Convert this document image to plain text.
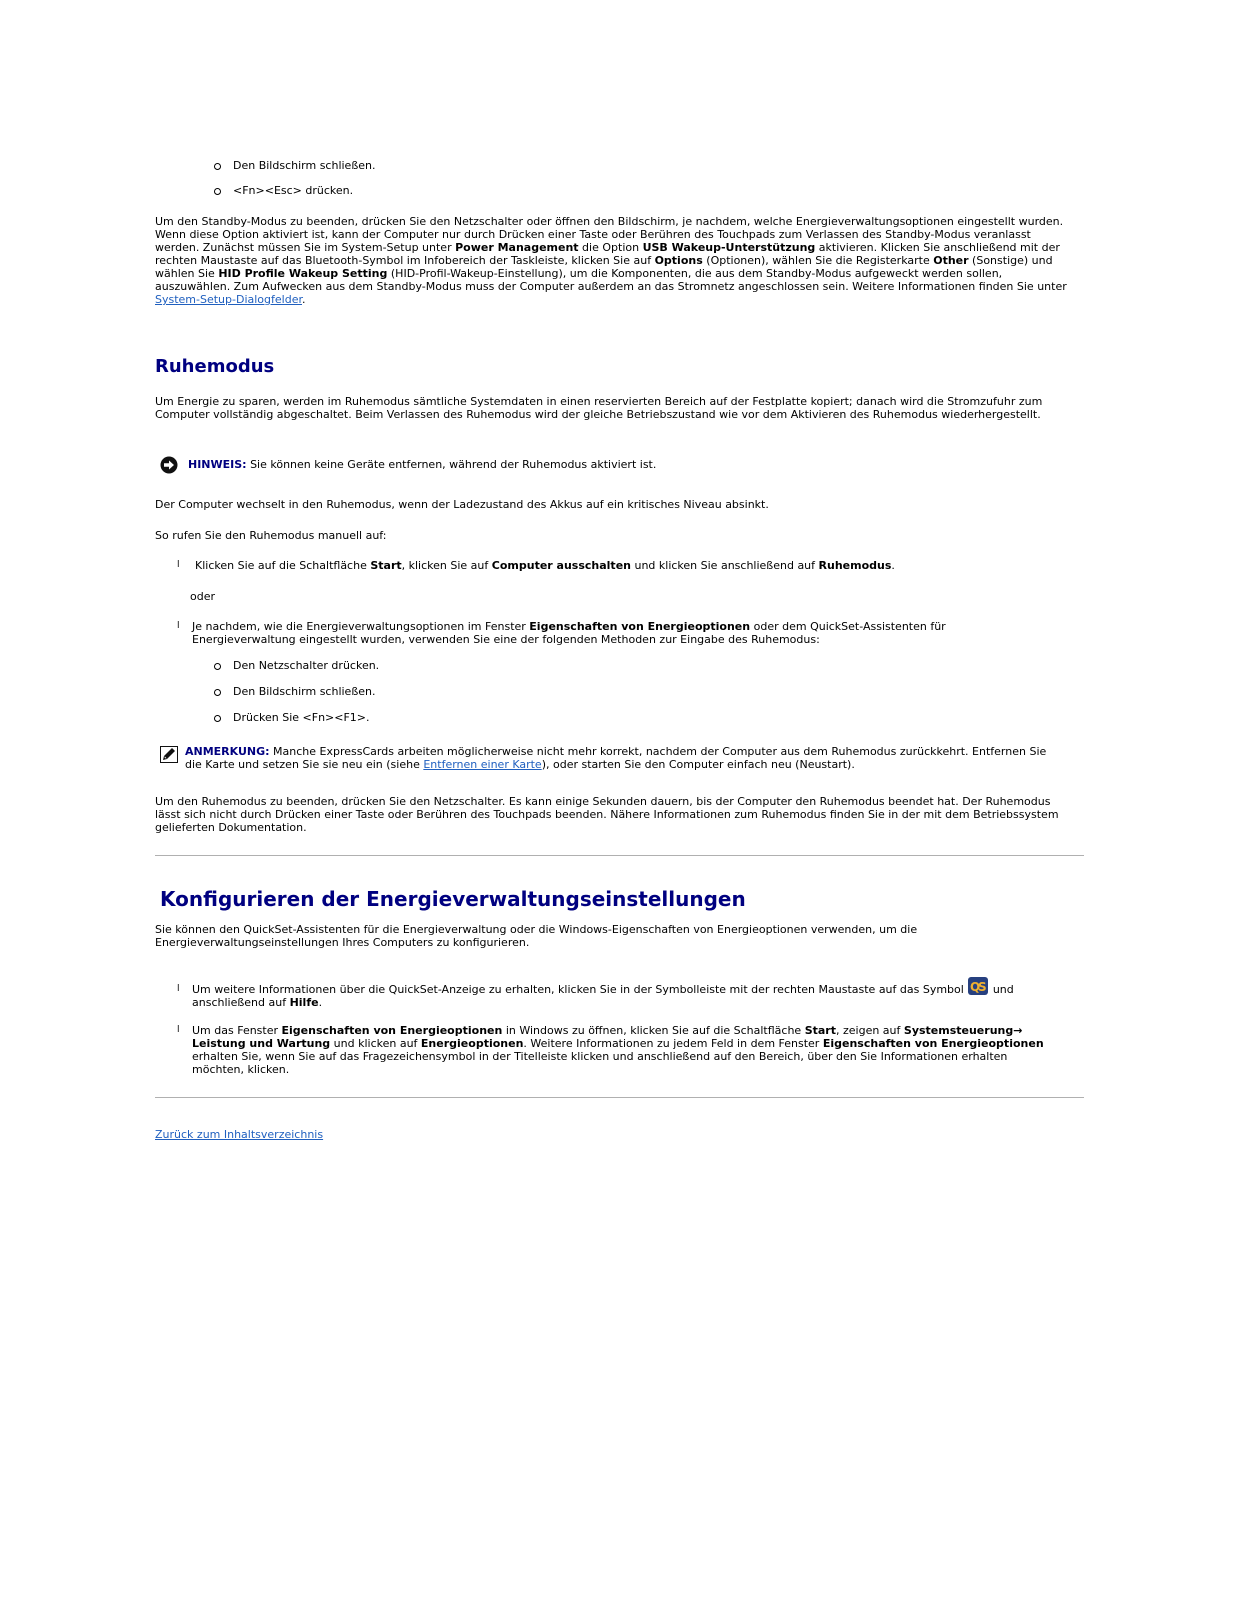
Den Bildschirm schließen.
<Fn><Esc> drücken.
Um den Standby-Modus zu beenden, drücken Sie den Netzschalter oder öffnen den Bildschirm, je nachdem, welche Energieverwaltungsoptionen eingestellt wurden. Wenn diese Option aktiviert ist, kann der Computer nur durch Drücken einer Taste oder Berühren des Touchpads zum Verlassen des Standby-Modus veranlasst werden. Zunächst müssen Sie im System-Setup unter Power Management die Option USB Wakeup-Unterstützung aktivieren. Klicken Sie anschließend mit der rechten Maustaste auf das Bluetooth-Symbol im Infobereich der Taskleiste, klicken Sie auf Options (Optionen), wählen Sie die Registerkarte Other (Sonstige) und wählen Sie HID Profile Wakeup Setting (HID-Profil-Wakeup-Einstellung), um die Komponenten, die aus dem Standby-Modus aufgeweckt werden sollen, auszuwählen. Zum Aufwecken aus dem Standby-Modus muss der Computer außerdem an das Stromnetz angeschlossen sein. Weitere Informationen finden Sie unter System-Setup-Dialogfelder.
Ruhemodus
Um Energie zu sparen, werden im Ruhemodus sämtliche Systemdaten in einen reservierten Bereich auf der Festplatte kopiert; danach wird die Stromzufuhr zum Computer vollständig abgeschaltet. Beim Verlassen des Ruhemodus wird der gleiche Betriebszustand wie vor dem Aktivieren des Ruhemodus wiederhergestellt.
HINWEIS: Sie können keine Geräte entfernen, während der Ruhemodus aktiviert ist.
Der Computer wechselt in den Ruhemodus, wenn der Ladezustand des Akkus auf ein kritisches Niveau absinkt.
So rufen Sie den Ruhemodus manuell auf:
l Klicken Sie auf die Schaltfläche Start, klicken Sie auf Computer ausschalten und klicken Sie anschließend auf Ruhemodus.
oder
l Je nachdem, wie die Energieverwaltungsoptionen im Fenster Eigenschaften von Energieoptionen oder dem QuickSet-Assistenten für Energieverwaltung eingestellt wurden, verwenden Sie eine der folgenden Methoden zur Eingabe des Ruhemodus:
Den Netzschalter drücken.
Den Bildschirm schließen.
Drücken Sie <Fn><F1>.
ANMERKUNG: Manche ExpressCards arbeiten möglicherweise nicht mehr korrekt, nachdem der Computer aus dem Ruhemodus zurückkehrt. Entfernen Sie die Karte und setzen Sie sie neu ein (siehe Entfernen einer Karte), oder starten Sie den Computer einfach neu (Neustart).
Um den Ruhemodus zu beenden, drücken Sie den Netzschalter. Es kann einige Sekunden dauern, bis der Computer den Ruhemodus beendet hat. Der Ruhemodus lässt sich nicht durch Drücken einer Taste oder Berühren des Touchpads beenden. Nähere Informationen zum Ruhemodus finden Sie in der mit dem Betriebssystem gelieferten Dokumentation.
Konfigurieren der Energieverwaltungseinstellungen
Sie können den QuickSet-Assistenten für die Energieverwaltung oder die Windows-Eigenschaften von Energieoptionen verwenden, um die Energieverwaltungseinstellungen Ihres Computers zu konfigurieren.
l Um weitere Informationen über die QuickSet-Anzeige zu erhalten, klicken Sie in der Symbolleiste mit der rechten Maustaste auf das Symbol Q
S und anschließend auf Hilfe.
l Um das Fenster Eigenschaften von Energieoptionen in Windows zu öffnen, klicken Sie auf die Schaltfläche Start, zeigen auf Systemsteuerung→ Leistung und Wartung und klicken auf Energieoptionen. Weitere Informationen zu jedem Feld in dem Fenster Eigenschaften von Energieoptionen erhalten Sie, wenn Sie auf das Fragezeichensymbol in der Titelleiste klicken und anschließend auf den Bereich, über den Sie Informationen erhalten möchten, klicken.
Zurück zum Inhaltsverzeichnis
